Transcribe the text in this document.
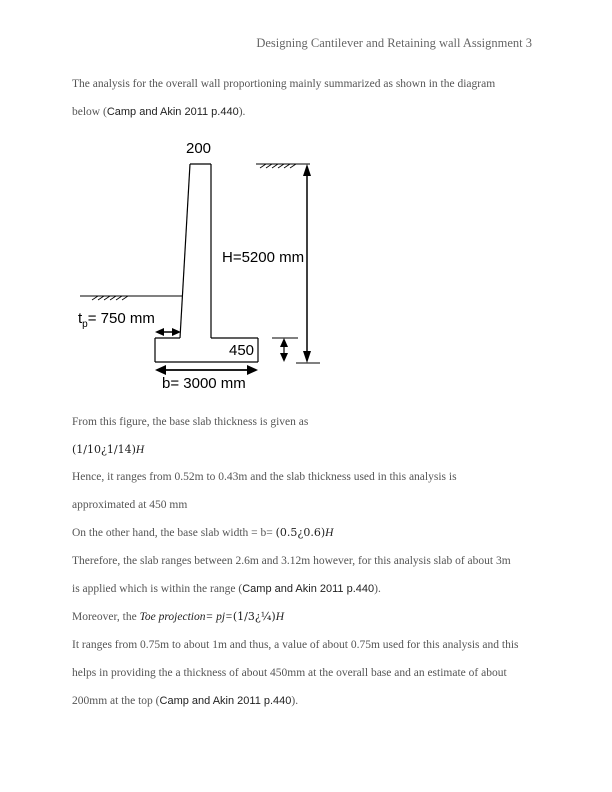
Designing Cantilever and Retaining wall Assignment 3
The analysis for the overall wall proportioning mainly summarized as shown in the diagram
below (Camp and Akin 2011 p.440).
200
H=5200 mm
450
$t_p= 750$ mm
b= 3000 mm
From this figure, the base slab thickness is given as
(1/10¿1/14)H
Hence, it ranges from 0.52m to 0.43m and the slab thickness used in this analysis is
approximated at 450 mm
On the other hand, the base slab width = b= (0.5¿0.6)H
Therefore, the slab ranges between 2.6m and 3.12m however, for this analysis slab of about 3m
is applied which is within the range (Camp and Akin 2011 p.440).
Moreover, the Toe projection= pj=(1/3¿¼)H
It ranges from 0.75m to about 1m and thus, a value of about 0.75m used for this analysis and this
helps in providing the a thickness of about 450mm at the overall base and an estimate of about
200mm at the top (Camp and Akin 2011 p.440).
